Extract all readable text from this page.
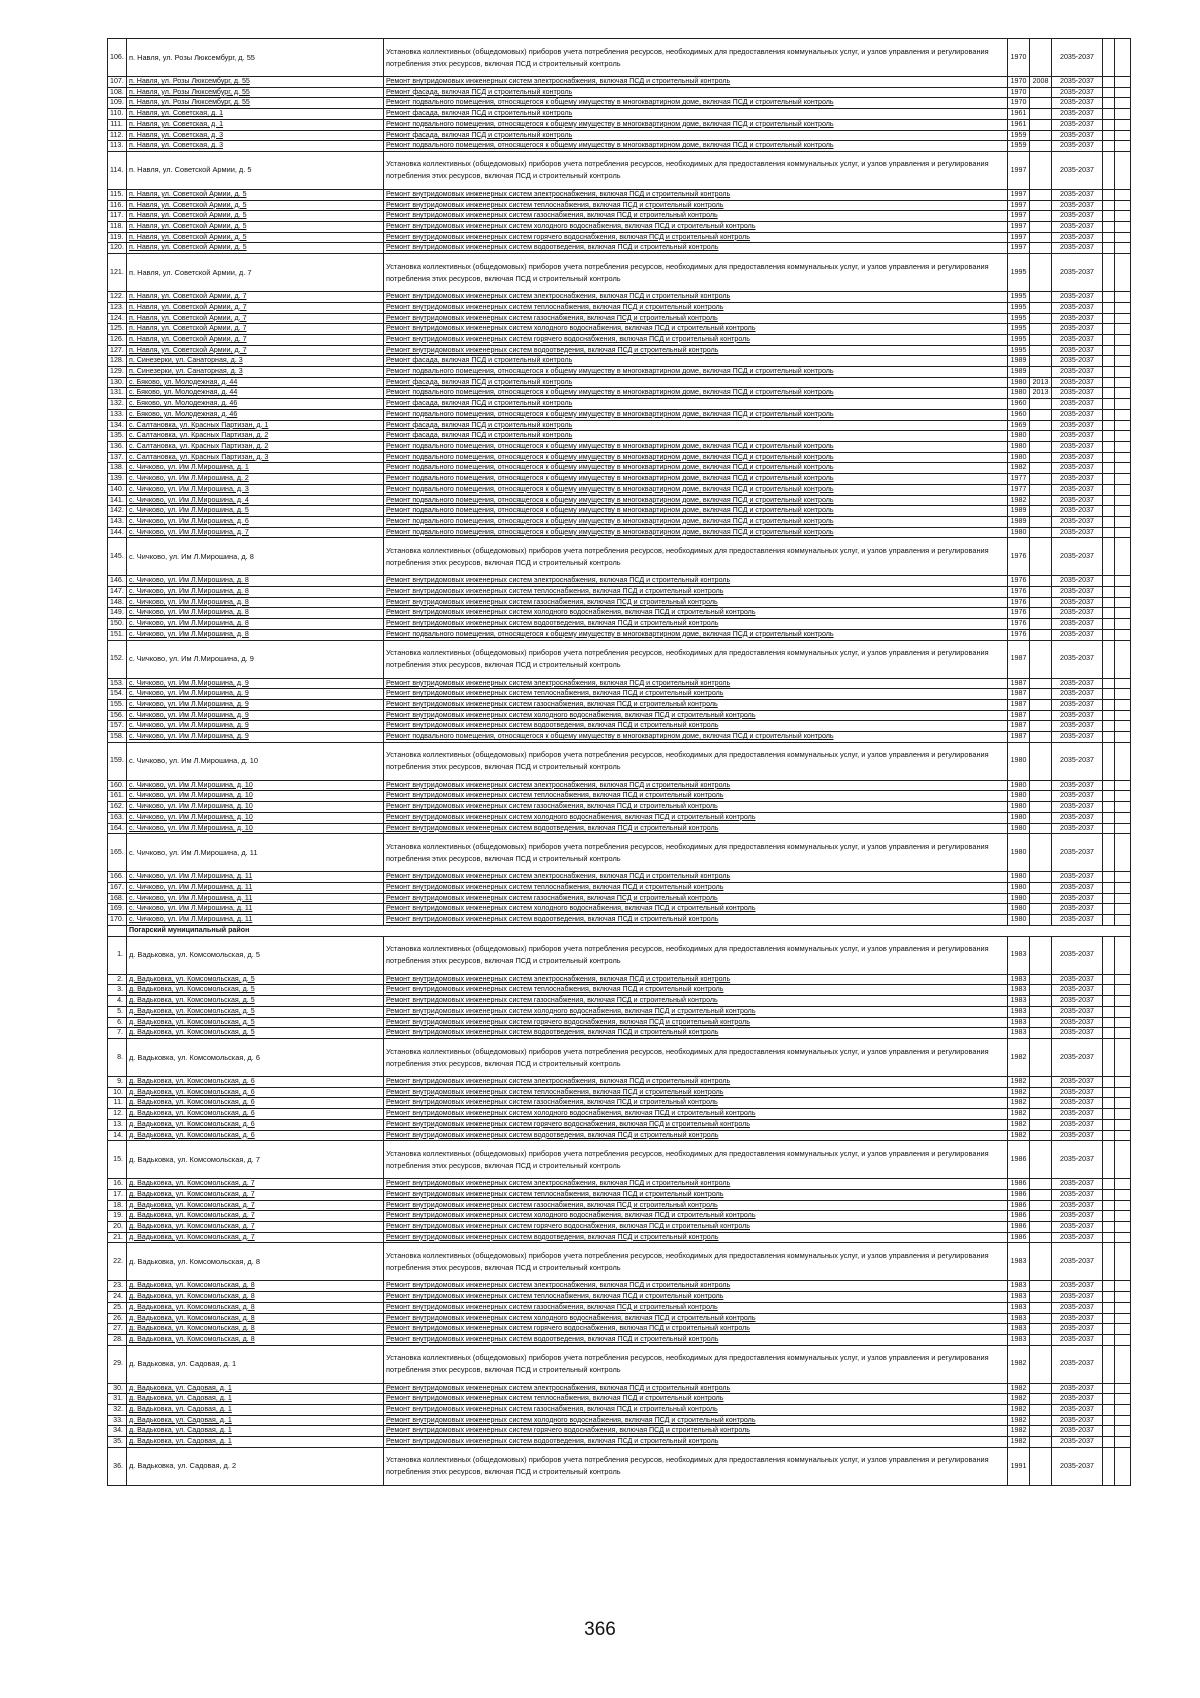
106.	п. Навля, ул. Розы Люксембург, д. 55	Установка коллективных (общедомовых) приборов учета потребления ресурсов, необходимых для предоставления коммунальных услуг, и узлов управления и регулирования потребления этих ресурсов, включая ПСД и строительный контроль	1970		2035-2037		
107.	п. Навля, ул. Розы Люксембург, д. 55	Ремонт внутридомовых инженерных систем электроснабжения, включая ПСД и строительный контроль	1970	2008	2035-2037		
108.	п. Навля, ул. Розы Люксембург, д. 55	Ремонт фасада, включая ПСД и строительный контроль	1970		2035-2037		
109.	п. Навля, ул. Розы Люксембург, д. 55	Ремонт подвального помещения, относящегося к общему имуществу в многоквартирном доме, включая ПСД и строительный контроль	1970		2035-2037		
110.	п. Навля, ул. Советская, д. 1	Ремонт фасада, включая ПСД и строительный контроль	1961		2035-2037		
111.	п. Навля, ул. Советская, д. 1	Ремонт подвального помещения, относящегося к общему имуществу в многоквартирном доме, включая ПСД и строительный контроль	1961		2035-2037		
112.	п. Навля, ул. Советская, д. 3	Ремонт фасада, включая ПСД и строительный контроль	1959		2035-2037		
113.	п. Навля, ул. Советская, д. 3	Ремонт подвального помещения, относящегося к общему имуществу в многоквартирном доме, включая ПСД и строительный контроль	1959		2035-2037		
114.	п. Навля, ул. Советской Армии, д. 5	Установка коллективных (общедомовых) приборов учета потребления ресурсов, необходимых для предоставления коммунальных услуг, и узлов управления и регулирования потребления этих ресурсов, включая ПСД и строительный контроль	1997		2035-2037		
115.	п. Навля, ул. Советской Армии, д. 5	Ремонт внутридомовых инженерных систем электроснабжения, включая ПСД и строительный контроль	1997		2035-2037		
116.	п. Навля, ул. Советской Армии, д. 5	Ремонт внутридомовых инженерных систем теплоснабжения, включая ПСД и строительный контроль	1997		2035-2037		
117.	п. Навля, ул. Советской Армии, д. 5	Ремонт внутридомовых инженерных систем газоснабжения, включая ПСД и строительный контроль	1997		2035-2037		
118.	п. Навля, ул. Советской Армии, д. 5	Ремонт внутридомовых инженерных систем холодного водоснабжения, включая ПСД и строительный контроль	1997		2035-2037		
119.	п. Навля, ул. Советской Армии, д. 5	Ремонт внутридомовых инженерных систем горячего водоснабжения, включая ПСД и строительный контроль	1997		2035-2037		
120.	п. Навля, ул. Советской Армии, д. 5	Ремонт внутридомовых инженерных систем водоотведения, включая ПСД и строительный контроль	1997		2035-2037		
121.	п. Навля, ул. Советской Армии, д. 7	Установка коллективных (общедомовых) приборов учета потребления ресурсов, необходимых для предоставления коммунальных услуг, и узлов управления и регулирования потребления этих ресурсов, включая ПСД и строительный контроль	1995		2035-2037		
122.	п. Навля, ул. Советской Армии, д. 7	Ремонт внутридомовых инженерных систем электроснабжения, включая ПСД и строительный контроль	1995		2035-2037		
123.	п. Навля, ул. Советской Армии, д. 7	Ремонт внутридомовых инженерных систем теплоснабжения, включая ПСД и строительный контроль	1995		2035-2037		
124.	п. Навля, ул. Советской Армии, д. 7	Ремонт внутридомовых инженерных систем газоснабжения, включая ПСД и строительный контроль	1995		2035-2037		
125.	п. Навля, ул. Советской Армии, д. 7	Ремонт внутридомовых инженерных систем холодного водоснабжения, включая ПСД и строительный контроль	1995		2035-2037		
126.	п. Навля, ул. Советской Армии, д. 7	Ремонт внутридомовых инженерных систем горячего водоснабжения, включая ПСД и строительный контроль	1995		2035-2037		
127.	п. Навля, ул. Советской Армии, д. 7	Ремонт внутридомовых инженерных систем водоотведения, включая ПСД и строительный контроль	1995		2035-2037		
128.	п. Синезерки, ул. Санаторная, д. 3	Ремонт фасада, включая ПСД и строительный контроль	1989		2035-2037		
129.	п. Синезерки, ул. Санаторная, д. 3	Ремонт подвального помещения, относящегося к общему имуществу в многоквартирном доме, включая ПСД и строительный контроль	1989		2035-2037		
130.	с. Бяково, ул. Молодежная, д. 44	Ремонт фасада, включая ПСД и строительный контроль	1980	2013	2035-2037		
131.	с. Бяково, ул. Молодежная, д. 44	Ремонт подвального помещения, относящегося к общему имуществу в многоквартирном доме, включая ПСД и строительный контроль	1980	2013	2035-2037		
132.	с. Бяково, ул. Молодежная, д. 46	Ремонт фасада, включая ПСД и строительный контроль	1960		2035-2037		
133.	с. Бяково, ул. Молодежная, д. 46	Ремонт подвального помещения, относящегося к общему имуществу в многоквартирном доме, включая ПСД и строительный контроль	1960		2035-2037		
134.	с. Салтановка, ул. Красных Партизан, д. 1	Ремонт фасада, включая ПСД и строительный контроль	1969		2035-2037		
135.	с. Салтановка, ул. Красных Партизан, д. 2	Ремонт фасада, включая ПСД и строительный контроль	1980		2035-2037		
136.	с. Салтановка, ул. Красных Партизан, д. 2	Ремонт подвального помещения, относящегося к общему имуществу в многоквартирном доме, включая ПСД и строительный контроль	1980		2035-2037		
137.	с. Салтановка, ул. Красных Партизан, д. 3	Ремонт подвального помещения, относящегося к общему имуществу в многоквартирном доме, включая ПСД и строительный контроль	1980		2035-2037		
138.	с. Чичково, ул. Им Л.Мирошина, д. 1	Ремонт подвального помещения, относящегося к общему имуществу в многоквартирном доме, включая ПСД и строительный контроль	1982		2035-2037		
139.	с. Чичково, ул. Им Л.Мирошина, д. 2	Ремонт подвального помещения, относящегося к общему имуществу в многоквартирном доме, включая ПСД и строительный контроль	1977		2035-2037		
140.	с. Чичково, ул. Им Л.Мирошина, д. 3	Ремонт подвального помещения, относящегося к общему имуществу в многоквартирном доме, включая ПСД и строительный контроль	1977		2035-2037		
141.	с. Чичково, ул. Им Л.Мирошина, д. 4	Ремонт подвального помещения, относящегося к общему имуществу в многоквартирном доме, включая ПСД и строительный контроль	1982		2035-2037		
142.	с. Чичково, ул. Им Л.Мирошина, д. 5	Ремонт подвального помещения, относящегося к общему имуществу в многоквартирном доме, включая ПСД и строительный контроль	1989		2035-2037		
143.	с. Чичково, ул. Им Л.Мирошина, д. 6	Ремонт подвального помещения, относящегося к общему имуществу в многоквартирном доме, включая ПСД и строительный контроль	1989		2035-2037		
144.	с. Чичково, ул. Им Л.Мирошина, д. 7	Ремонт подвального помещения, относящегося к общему имуществу в многоквартирном доме, включая ПСД и строительный контроль	1980		2035-2037		
145.	с. Чичково, ул. Им Л.Мирошина, д. 8	Установка коллективных (общедомовых) приборов учета потребления ресурсов, необходимых для предоставления коммунальных услуг, и узлов управления и регулирования потребления этих ресурсов, включая ПСД и строительный контроль	1976		2035-2037		
146.	с. Чичково, ул. Им Л.Мирошина, д. 8	Ремонт внутридомовых инженерных систем электроснабжения, включая ПСД и строительный контроль	1976		2035-2037		
147.	с. Чичково, ул. Им Л.Мирошина, д. 8	Ремонт внутридомовых инженерных систем теплоснабжения, включая ПСД и строительный контроль	1976		2035-2037		
148.	с. Чичково, ул. Им Л.Мирошина, д. 8	Ремонт внутридомовых инженерных систем газоснабжения, включая ПСД и строительный контроль	1976		2035-2037		
149.	с. Чичково, ул. Им Л.Мирошина, д. 8	Ремонт внутридомовых инженерных систем холодного водоснабжения, включая ПСД и строительный контроль	1976		2035-2037		
150.	с. Чичково, ул. Им Л.Мирошина, д. 8	Ремонт внутридомовых инженерных систем водоотведения, включая ПСД и строительный контроль	1976		2035-2037		
151.	с. Чичково, ул. Им Л.Мирошина, д. 8	Ремонт подвального помещения, относящегося к общему имуществу в многоквартирном доме, включая ПСД и строительный контроль	1976		2035-2037		
152.	с. Чичково, ул. Им Л.Мирошина, д. 9	Установка коллективных (общедомовых) приборов учета потребления ресурсов, необходимых для предоставления коммунальных услуг, и узлов управления и регулирования потребления этих ресурсов, включая ПСД и строительный контроль	1987		2035-2037		
153.	с. Чичково, ул. Им Л.Мирошина, д. 9	Ремонт внутридомовых инженерных систем электроснабжения, включая ПСД и строительный контроль	1987		2035-2037		
154.	с. Чичково, ул. Им Л.Мирошина, д. 9	Ремонт внутридомовых инженерных систем теплоснабжения, включая ПСД и строительный контроль	1987		2035-2037		
155.	с. Чичково, ул. Им Л.Мирошина, д. 9	Ремонт внутридомовых инженерных систем газоснабжения, включая ПСД и строительный контроль	1987		2035-2037		
156.	с. Чичково, ул. Им Л.Мирошина, д. 9	Ремонт внутридомовых инженерных систем холодного водоснабжения, включая ПСД и строительный контроль	1987		2035-2037		
157.	с. Чичково, ул. Им Л.Мирошина, д. 9	Ремонт внутридомовых инженерных систем водоотведения, включая ПСД и строительный контроль	1987		2035-2037		
158.	с. Чичково, ул. Им Л.Мирошина, д. 9	Ремонт подвального помещения, относящегося к общему имуществу в многоквартирном доме, включая ПСД и строительный контроль	1987		2035-2037		
159.	с. Чичково, ул. Им Л.Мирошина, д. 10	Установка коллективных (общедомовых) приборов учета потребления ресурсов, необходимых для предоставления коммунальных услуг, и узлов управления и регулирования потребления этих ресурсов, включая ПСД и строительный контроль	1980		2035-2037		
160.	с. Чичково, ул. Им Л.Мирошина, д. 10	Ремонт внутридомовых инженерных систем электроснабжения, включая ПСД и строительный контроль	1980		2035-2037		
161.	с. Чичково, ул. Им Л.Мирошина, д. 10	Ремонт внутридомовых инженерных систем теплоснабжения, включая ПСД и строительный контроль	1980		2035-2037		
162.	с. Чичково, ул. Им Л.Мирошина, д. 10	Ремонт внутридомовых инженерных систем газоснабжения, включая ПСД и строительный контроль	1980		2035-2037		
163.	с. Чичково, ул. Им Л.Мирошина, д. 10	Ремонт внутридомовых инженерных систем холодного водоснабжения, включая ПСД и строительный контроль	1980		2035-2037		
164.	с. Чичково, ул. Им Л.Мирошина, д. 10	Ремонт внутридомовых инженерных систем водоотведения, включая ПСД и строительный контроль	1980		2035-2037		
165.	с. Чичково, ул. Им Л.Мирошина, д. 11	Установка коллективных (общедомовых) приборов учета потребления ресурсов, необходимых для предоставления коммунальных услуг, и узлов управления и регулирования потребления этих ресурсов, включая ПСД и строительный контроль	1980		2035-2037		
166.	с. Чичково, ул. Им Л.Мирошина, д. 11	Ремонт внутридомовых инженерных систем электроснабжения, включая ПСД и строительный контроль	1980		2035-2037		
167.	с. Чичково, ул. Им Л.Мирошина, д. 11	Ремонт внутридомовых инженерных систем теплоснабжения, включая ПСД и строительный контроль	1980		2035-2037		
168.	с. Чичково, ул. Им Л.Мирошина, д. 11	Ремонт внутридомовых инженерных систем газоснабжения, включая ПСД и строительный контроль	1980		2035-2037		
169.	с. Чичково, ул. Им Л.Мирошина, д. 11	Ремонт внутридомовых инженерных систем холодного водоснабжения, включая ПСД и строительный контроль	1980		2035-2037		
170.	с. Чичково, ул. Им Л.Мирошина, д. 11	Ремонт внутридомовых инженерных систем водоотведения, включая ПСД и строительный контроль	1980		2035-2037		
	Погарский муниципальный район						
1.	д. Вадьковка, ул. Комсомольская, д. 5	Установка коллективных (общедомовых) приборов учета потребления ресурсов, необходимых для предоставления коммунальных услуг, и узлов управления и регулирования потребления этих ресурсов, включая ПСД и строительный контроль	1983		2035-2037		
2.	д. Вадьковка, ул. Комсомольская, д. 5	Ремонт внутридомовых инженерных систем электроснабжения, включая ПСД и строительный контроль	1983		2035-2037		
3.	д. Вадьковка, ул. Комсомольская, д. 5	Ремонт внутридомовых инженерных систем теплоснабжения, включая ПСД и строительный контроль	1983		2035-2037		
4.	д. Вадьковка, ул. Комсомольская, д. 5	Ремонт внутридомовых инженерных систем газоснабжения, включая ПСД и строительный контроль	1983		2035-2037		
5.	д. Вадьковка, ул. Комсомольская, д. 5	Ремонт внутридомовых инженерных систем холодного водоснабжения, включая ПСД и строительный контроль	1983		2035-2037		
6.	д. Вадьковка, ул. Комсомольская, д. 5	Ремонт внутридомовых инженерных систем горячего водоснабжения, включая ПСД и строительный контроль	1983		2035-2037		
7.	д. Вадьковка, ул. Комсомольская, д. 5	Ремонт внутридомовых инженерных систем водоотведения, включая ПСД и строительный контроль	1983		2035-2037		
8.	д. Вадьковка, ул. Комсомольская, д. 6	Установка коллективных (общедомовых) приборов учета потребления ресурсов, необходимых для предоставления коммунальных услуг, и узлов управления и регулирования потребления этих ресурсов, включая ПСД и строительный контроль	1982		2035-2037		
9.	д. Вадьковка, ул. Комсомольская, д. 6	Ремонт внутридомовых инженерных систем электроснабжения, включая ПСД и строительный контроль	1982		2035-2037		
10.	д. Вадьковка, ул. Комсомольская, д. 6	Ремонт внутридомовых инженерных систем теплоснабжения, включая ПСД и строительный контроль	1982		2035-2037		
11.	д. Вадьковка, ул. Комсомольская, д. 6	Ремонт внутридомовых инженерных систем газоснабжения, включая ПСД и строительный контроль	1982		2035-2037		
12.	д. Вадьковка, ул. Комсомольская, д. 6	Ремонт внутридомовых инженерных систем холодного водоснабжения, включая ПСД и строительный контроль	1982		2035-2037		
13.	д. Вадьковка, ул. Комсомольская, д. 6	Ремонт внутридомовых инженерных систем горячего водоснабжения, включая ПСД и строительный контроль	1982		2035-2037		
14.	д. Вадьковка, ул. Комсомольская, д. 6	Ремонт внутридомовых инженерных систем водоотведения, включая ПСД и строительный контроль	1982		2035-2037		
15.	д. Вадьковка, ул. Комсомольская, д. 7	Установка коллективных (общедомовых) приборов учета потребления ресурсов, необходимых для предоставления коммунальных услуг, и узлов управления и регулирования потребления этих ресурсов, включая ПСД и строительный контроль	1986		2035-2037		
16.	д. Вадьковка, ул. Комсомольская, д. 7	Ремонт внутридомовых инженерных систем электроснабжения, включая ПСД и строительный контроль	1986		2035-2037		
17.	д. Вадьковка, ул. Комсомольская, д. 7	Ремонт внутридомовых инженерных систем теплоснабжения, включая ПСД и строительный контроль	1986		2035-2037		
18.	д. Вадьковка, ул. Комсомольская, д. 7	Ремонт внутридомовых инженерных систем газоснабжения, включая ПСД и строительный контроль	1986		2035-2037		
19.	д. Вадьковка, ул. Комсомольская, д. 7	Ремонт внутридомовых инженерных систем холодного водоснабжения, включая ПСД и строительный контроль	1986		2035-2037		
20.	д. Вадьковка, ул. Комсомольская, д. 7	Ремонт внутридомовых инженерных систем горячего водоснабжения, включая ПСД и строительный контроль	1986		2035-2037		
21.	д. Вадьковка, ул. Комсомольская, д. 7	Ремонт внутридомовых инженерных систем водоотведения, включая ПСД и строительный контроль	1986		2035-2037		
22.	д. Вадьковка, ул. Комсомольская, д. 8	Установка коллективных (общедомовых) приборов учета потребления ресурсов, необходимых для предоставления коммунальных услуг, и узлов управления и регулирования потребления этих ресурсов, включая ПСД и строительный контроль	1983		2035-2037		
23.	д. Вадьковка, ул. Комсомольская, д. 8	Ремонт внутридомовых инженерных систем электроснабжения, включая ПСД и строительный контроль	1983		2035-2037		
24.	д. Вадьковка, ул. Комсомольская, д. 8	Ремонт внутридомовых инженерных систем теплоснабжения, включая ПСД и строительный контроль	1983		2035-2037		
25.	д. Вадьковка, ул. Комсомольская, д. 8	Ремонт внутридомовых инженерных систем газоснабжения, включая ПСД и строительный контроль	1983		2035-2037		
26.	д. Вадьковка, ул. Комсомольская, д. 8	Ремонт внутридомовых инженерных систем холодного водоснабжения, включая ПСД и строительный контроль	1983		2035-2037		
27.	д. Вадьковка, ул. Комсомольская, д. 8	Ремонт внутридомовых инженерных систем горячего водоснабжения, включая ПСД и строительный контроль	1983		2035-2037		
28.	д. Вадьковка, ул. Комсомольская, д. 8	Ремонт внутридомовых инженерных систем водоотведения, включая ПСД и строительный контроль	1983		2035-2037		
29.	д. Вадьковка, ул. Садовая, д. 1	Установка коллективных (общедомовых) приборов учета потребления ресурсов, необходимых для предоставления коммунальных услуг, и узлов управления и регулирования потребления этих ресурсов, включая ПСД и строительный контроль	1982		2035-2037		
30.	д. Вадьковка, ул. Садовая, д. 1	Ремонт внутридомовых инженерных систем электроснабжения, включая ПСД и строительный контроль	1982		2035-2037		
31.	д. Вадьковка, ул. Садовая, д. 1	Ремонт внутридомовых инженерных систем теплоснабжения, включая ПСД и строительный контроль	1982		2035-2037		
32.	д. Вадьковка, ул. Садовая, д. 1	Ремонт внутридомовых инженерных систем газоснабжения, включая ПСД и строительный контроль	1982		2035-2037		
33.	д. Вадьковка, ул. Садовая, д. 1	Ремонт внутридомовых инженерных систем холодного водоснабжения, включая ПСД и строительный контроль	1982		2035-2037		
34.	д. Вадьковка, ул. Садовая, д. 1	Ремонт внутридомовых инженерных систем горячего водоснабжения, включая ПСД и строительный контроль	1982		2035-2037		
35.	д. Вадьковка, ул. Садовая, д. 1	Ремонт внутридомовых инженерных систем водоотведения, включая ПСД и строительный контроль	1982		2035-2037		
36.	д. Вадьковка, ул. Садовая, д. 2	Установка коллективных (общедомовых) приборов учета потребления ресурсов, необходимых для предоставления коммунальных услуг, и узлов управления и регулирования потребления этих ресурсов, включая ПСД и строительный контроль	1991		2035-2037		
366
